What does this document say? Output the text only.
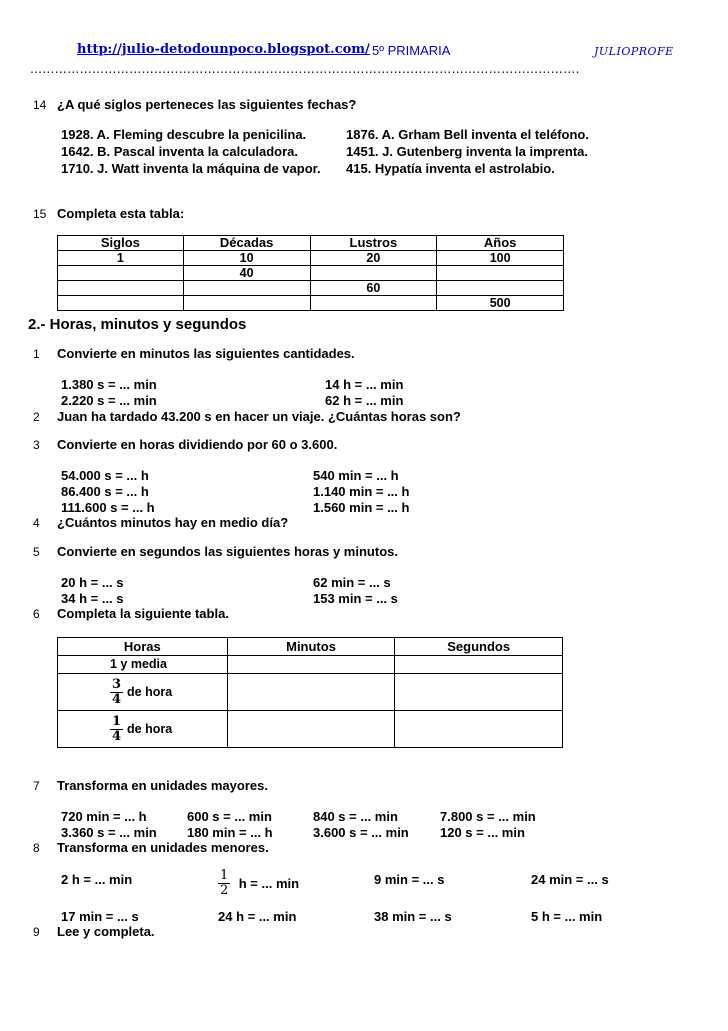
http://julio-detodounpoco.blogspot.com/ 5º PRIMARIA	JULIOPROFE
…………………………………………………………………………………………………………………….
14 ¿A qué siglos perteneces las siguientes fechas?
1928. A. Fleming descubre la penicilina.
1642. B. Pascal inventa la calculadora.
1710. J. Watt inventa la máquina de vapor.
1876. A. Grham Bell inventa el teléfono.
1451. J. Gutenberg inventa la imprenta.
415. Hypatía inventa el astrolabio.
15 Completa esta tabla:
Siglos	Décadas	Lustros	Años
1	10	20	100
	40		
		60	
			500
2.- Horas, minutos y segundos
1 Convierte en minutos las siguientes cantidades.
1.380 s = ... min
2.220 s = ... min
14 h = ... min
62 h = ... min
2 Juan ha tardado 43.200 s en hacer un viaje. ¿Cuántas horas son?
3 Convierte en horas dividiendo por 60 o 3.600.
54.000 s = ... h
86.400 s = ... h
111.600 s = ... h
540 min = ... h
1.140 min = ... h
1.560 min = ... h
4 ¿Cuántos minutos hay en medio día?
5 Convierte en segundos las siguientes horas y minutos.
20 h = ... s
34 h = ... s
62 min = ... s
153 min = ... s
6 Completa la siguiente tabla.
Horas	Minutos	Segundos
1 y media		

$\frac{3}{4}$ de hora		

$\frac{1}{4}$ de hora		
7 Transforma en unidades mayores.
720 min = ... h	600 s = ... min	840 s = ... min	7.800 s = ... min
3.360 s = ... min 180 min = ... h	3.600 s = ... min 120 s = ... min
8 Transforma en unidades menores.
2 h = ... min	$\frac{1}{2}$ h = ... min	9 min = ... s	24 min = ... s
17 min = ... s	24 h = ... min	38 min = ... s	5 h = ... min
9 Lee y completa.
